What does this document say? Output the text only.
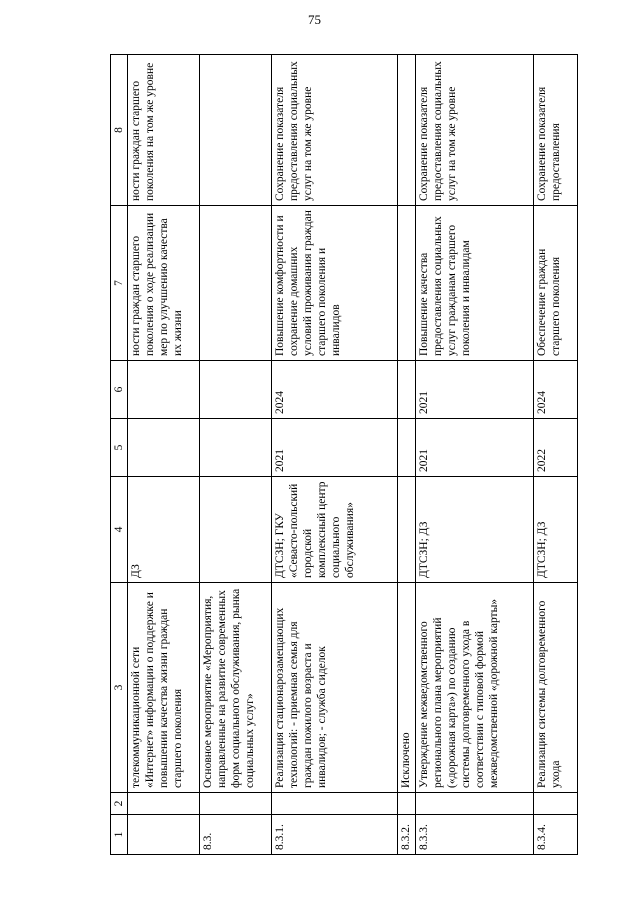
75
1	2	3	4	5	6	7	8
		телекоммуникационной сети «Интернет» информации о поддержке и повышении качества жизни граждан старшего поколения	ДЗ			ности граждан старшего поколения о ходе реализации мер по улучшению качества их жизни	ности граждан старшего поколения на том же уровне
8.3.		Основное мероприятие «Мероприятия, направленные на развитие современных форм социального обслуживания, рынка социальных услуг»					
8.3.1.		Реализация стационарозамещающих технологий: - приемная семья для граждан пожилого возраста и инвалидов; - служба сиделок	ДТСЗН; ГКУ «Севасто-польский городской комплексный центр социального обслуживания»	2021	2024	Повышение комфортности и сохранение домашних условий проживания граждан старшего поколения и инвалидов	Сохранение показателя предоставления социальных услуг на том же уровне
8.3.2.		Исключено					
8.3.3.		Утверждение межведомственного регионального плана мероприятий («дорожная карта») по созданию системы долговременного ухода в соответствии с типовой формой межведомственной «дорожной карты»	ДТСЗН; ДЗ	2021	2021	Повышение качества предоставления социальных услуг гражданам старшего поколения и инвалидам	Сохранение показателя предоставления социальных услуг на том же уровне
8.3.4.		Реализация системы долговременного ухода	ДТСЗН; ДЗ	2022	2024	Обеспечение граждан старшего поколения	Сохранение показателя предоставления
